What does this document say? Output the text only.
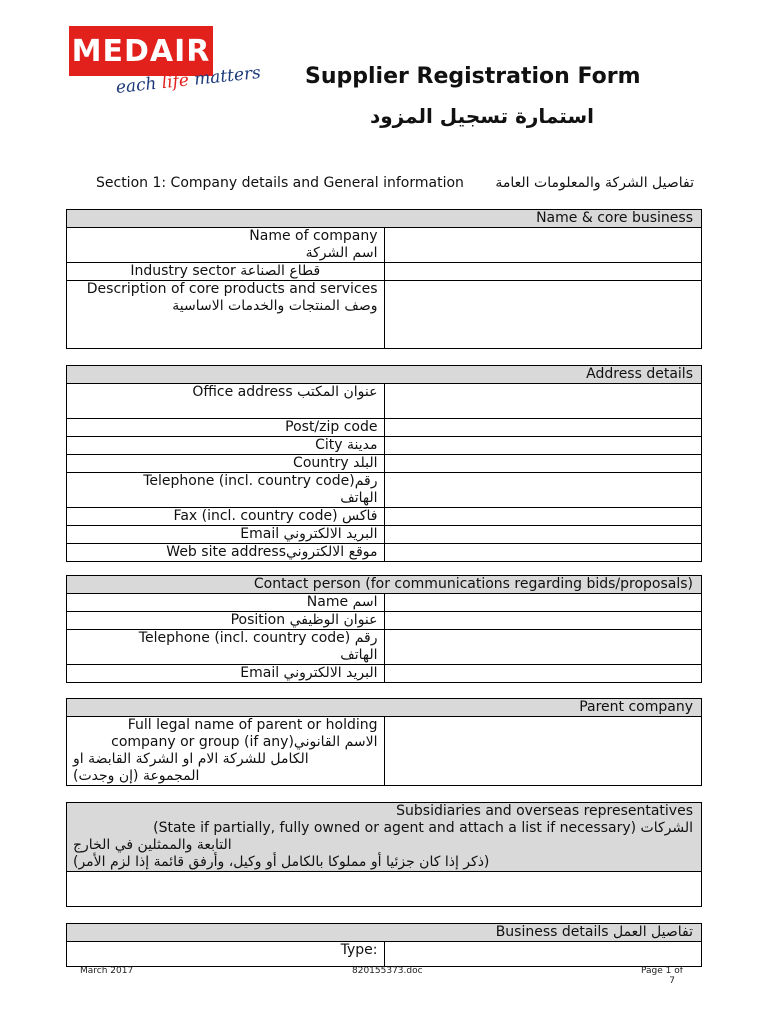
MEDAIR
each life matters Supplier Registration Form
استمارة تسجيل المزود
Section 1: Company details and General information تفاصيل الشركة والمعلومات العامة
Name & core business	

Name of company
اسم الشركة	

Industry sector قطاع الصناعة	

Description of core products and services
وصف المنتجات والخدمات الاساسية	

Address details	

Office address عنوان المكتب	

Post/zip code	

City مدينة	

Country البلد	

Telephone (incl. country code)رقم
الهاتف	

Fax (incl. country code) فاكس	

Email البريد الالكتروني	

Web site addressموقع الالكتروني	

Contact person (for communications regarding bids/proposals)	

Name اسم	

Position عنوان الوظيفي	

Telephone (incl. country code) رقم
الهاتف	

Email البريد الالكتروني	

Parent company

Full legal name of parent or holding
company or group (if any)الاسم القانوني
الكامل للشركة الام او الشركة القابضة او
المجموعة (إن وجدت)

Subsidiaries and overseas representatives
(State if partially, fully owned or agent and attach a list if necessary) الشركات
التابعة والممثلين في الخارج
(ذكر إذا كان جزئيا أو مملوكا بالكامل أو وكيل، وأرفق قائمة إذا لزم الأمر)

Business details تفاصيل العمل

Type:

March 2017	820155373.doc	Page 1 of
7
